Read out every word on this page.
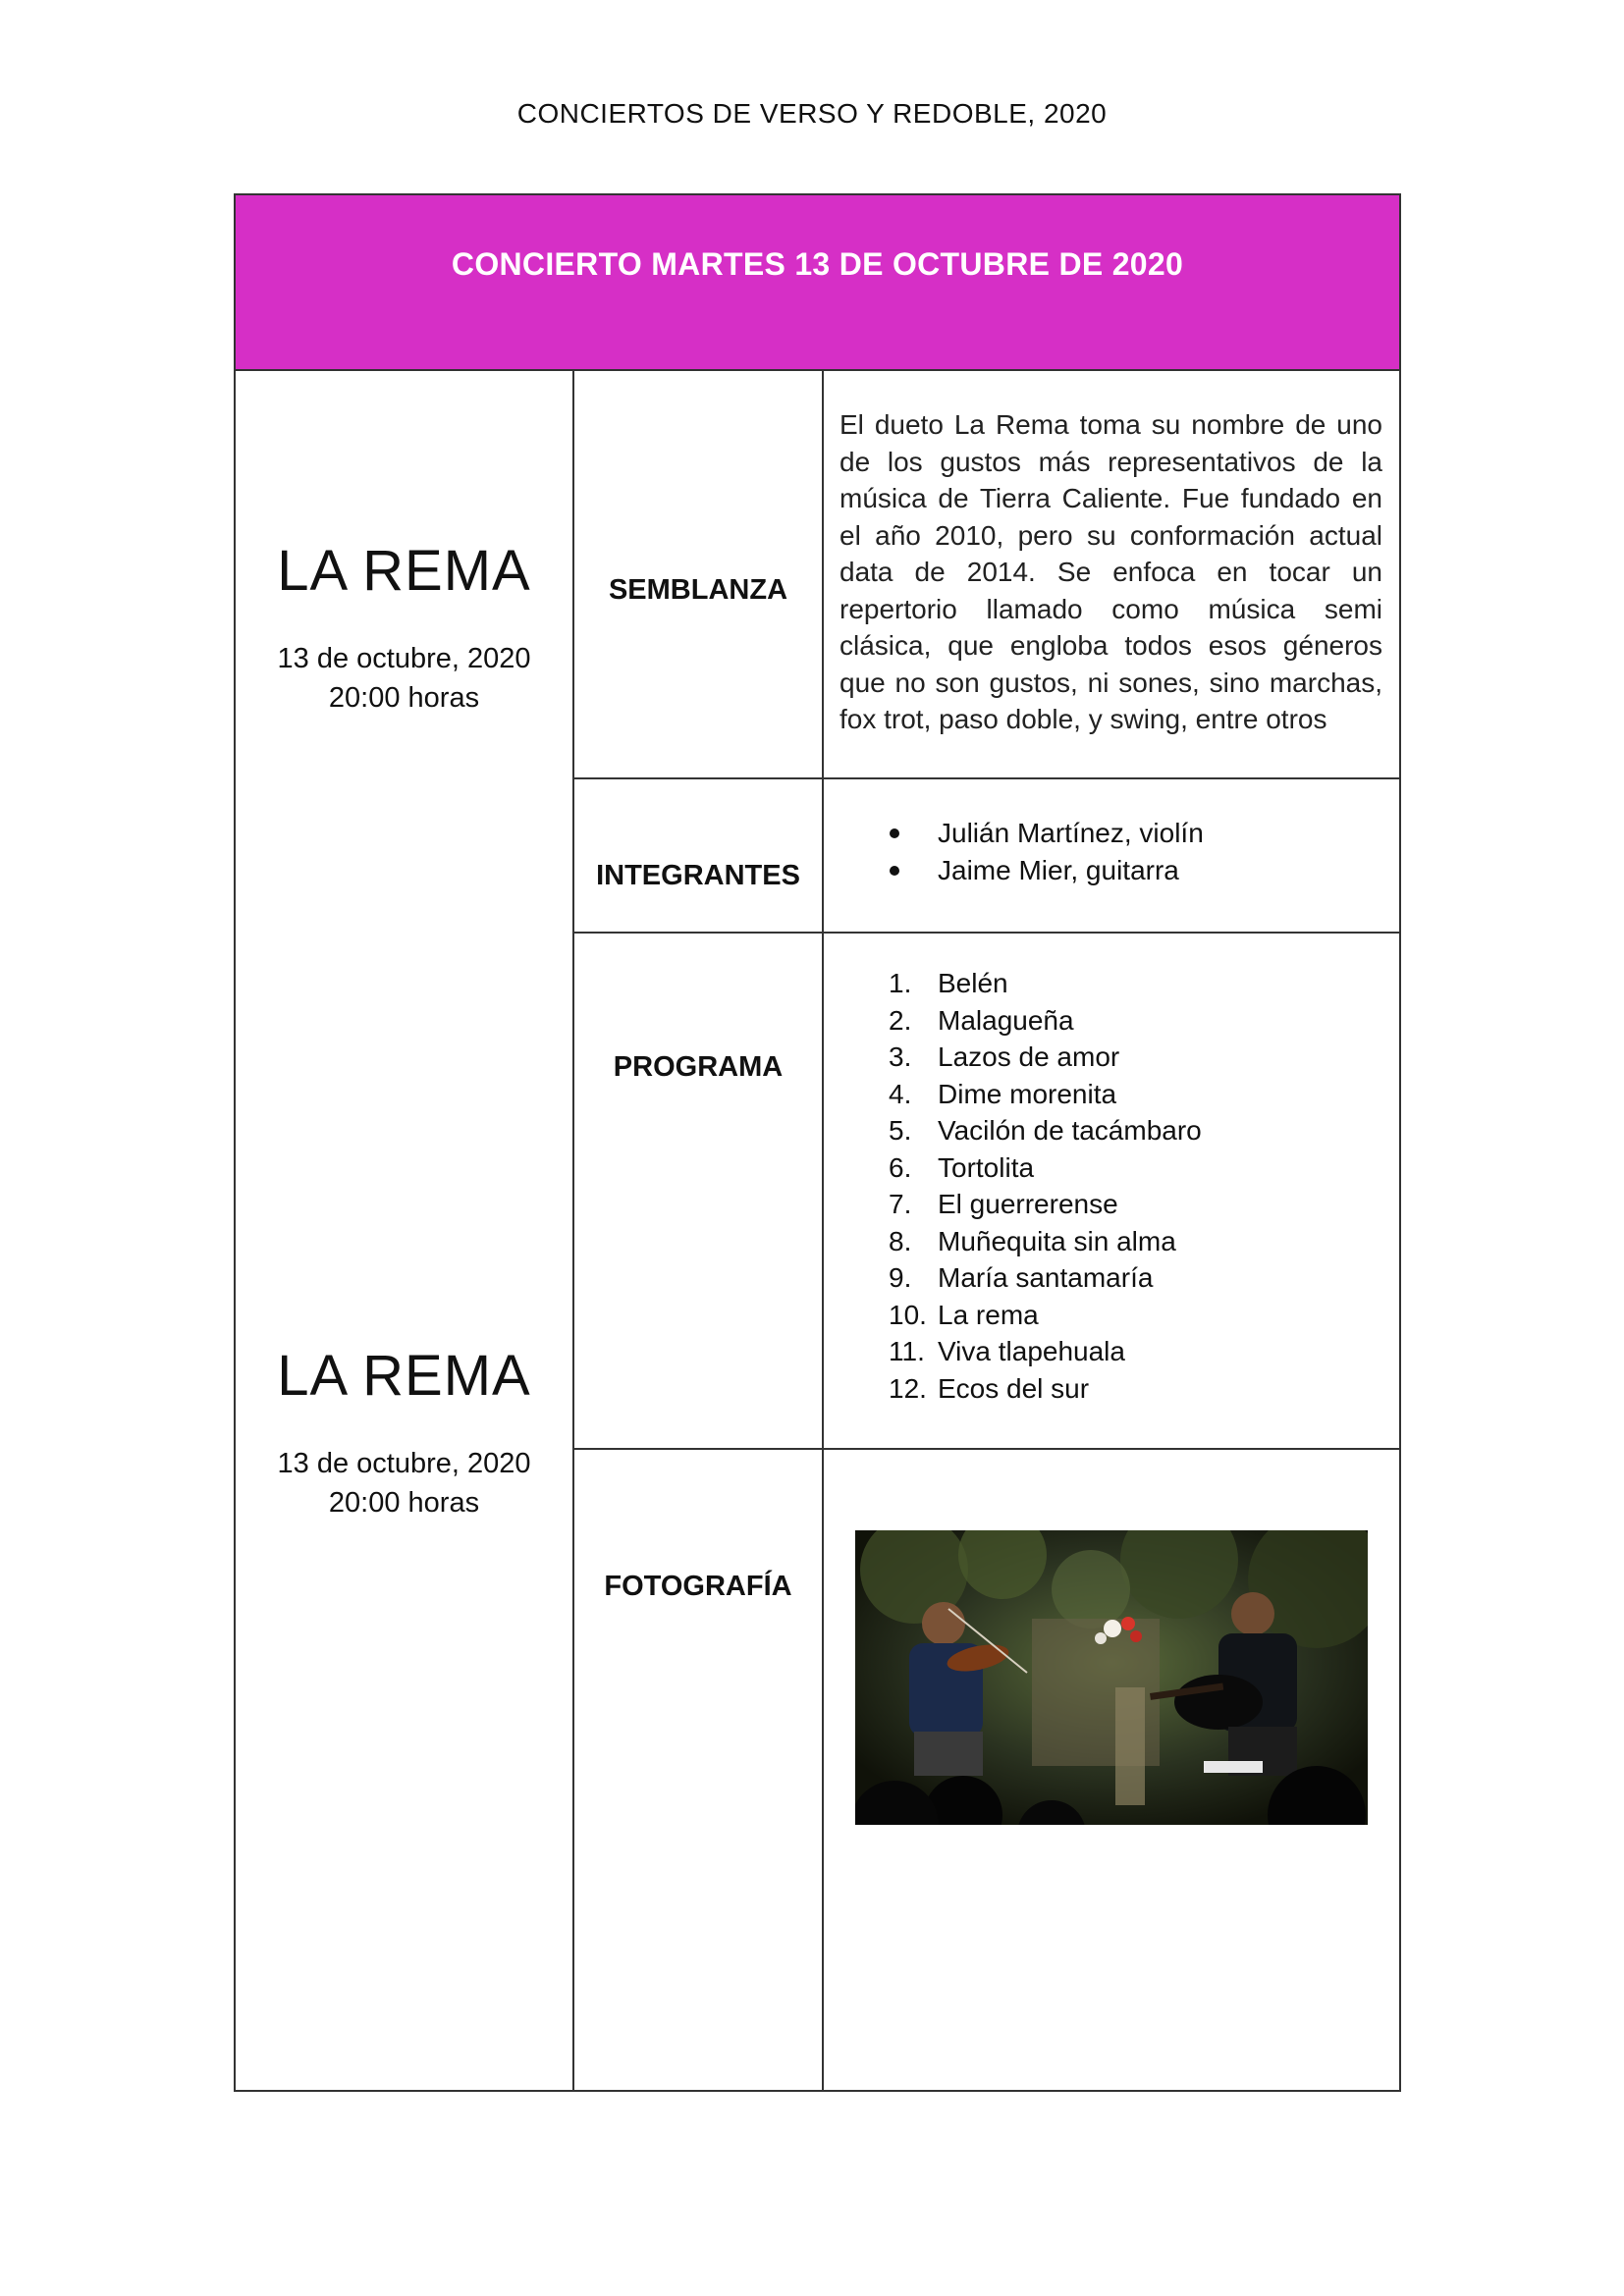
CONCIERTOS DE VERSO Y REDOBLE, 2020
CONCIERTO MARTES 13 DE OCTUBRE DE 2020
LA REMA
13 de octubre, 2020
20:00 horas
LA REMA
13 de octubre, 2020
20:00 horas
SEMBLANZA
El dueto La Rema toma su nombre de uno de los gustos más representativos de la música de Tierra Caliente. Fue fundado en el año 2010, pero su conformación actual data de 2014. Se enfoca en tocar un repertorio llamado como música semi clásica, que engloba todos esos géneros que no son gustos, ni sones, sino marchas, fox trot, paso doble, y swing, entre otros
INTEGRANTES
Julián Martínez, violín
Jaime Mier, guitarra
PROGRAMA
1. Belén
2. Malagueña
3. Lazos de amor
4. Dime morenita
5. Vacilón de tacámbaro
6. Tortolita
7. El guerrerense
8. Muñequita sin alma
9. María santamaría
10. La rema
11. Viva tlapehuala
12. Ecos del sur
FOTOGRAFÍA
